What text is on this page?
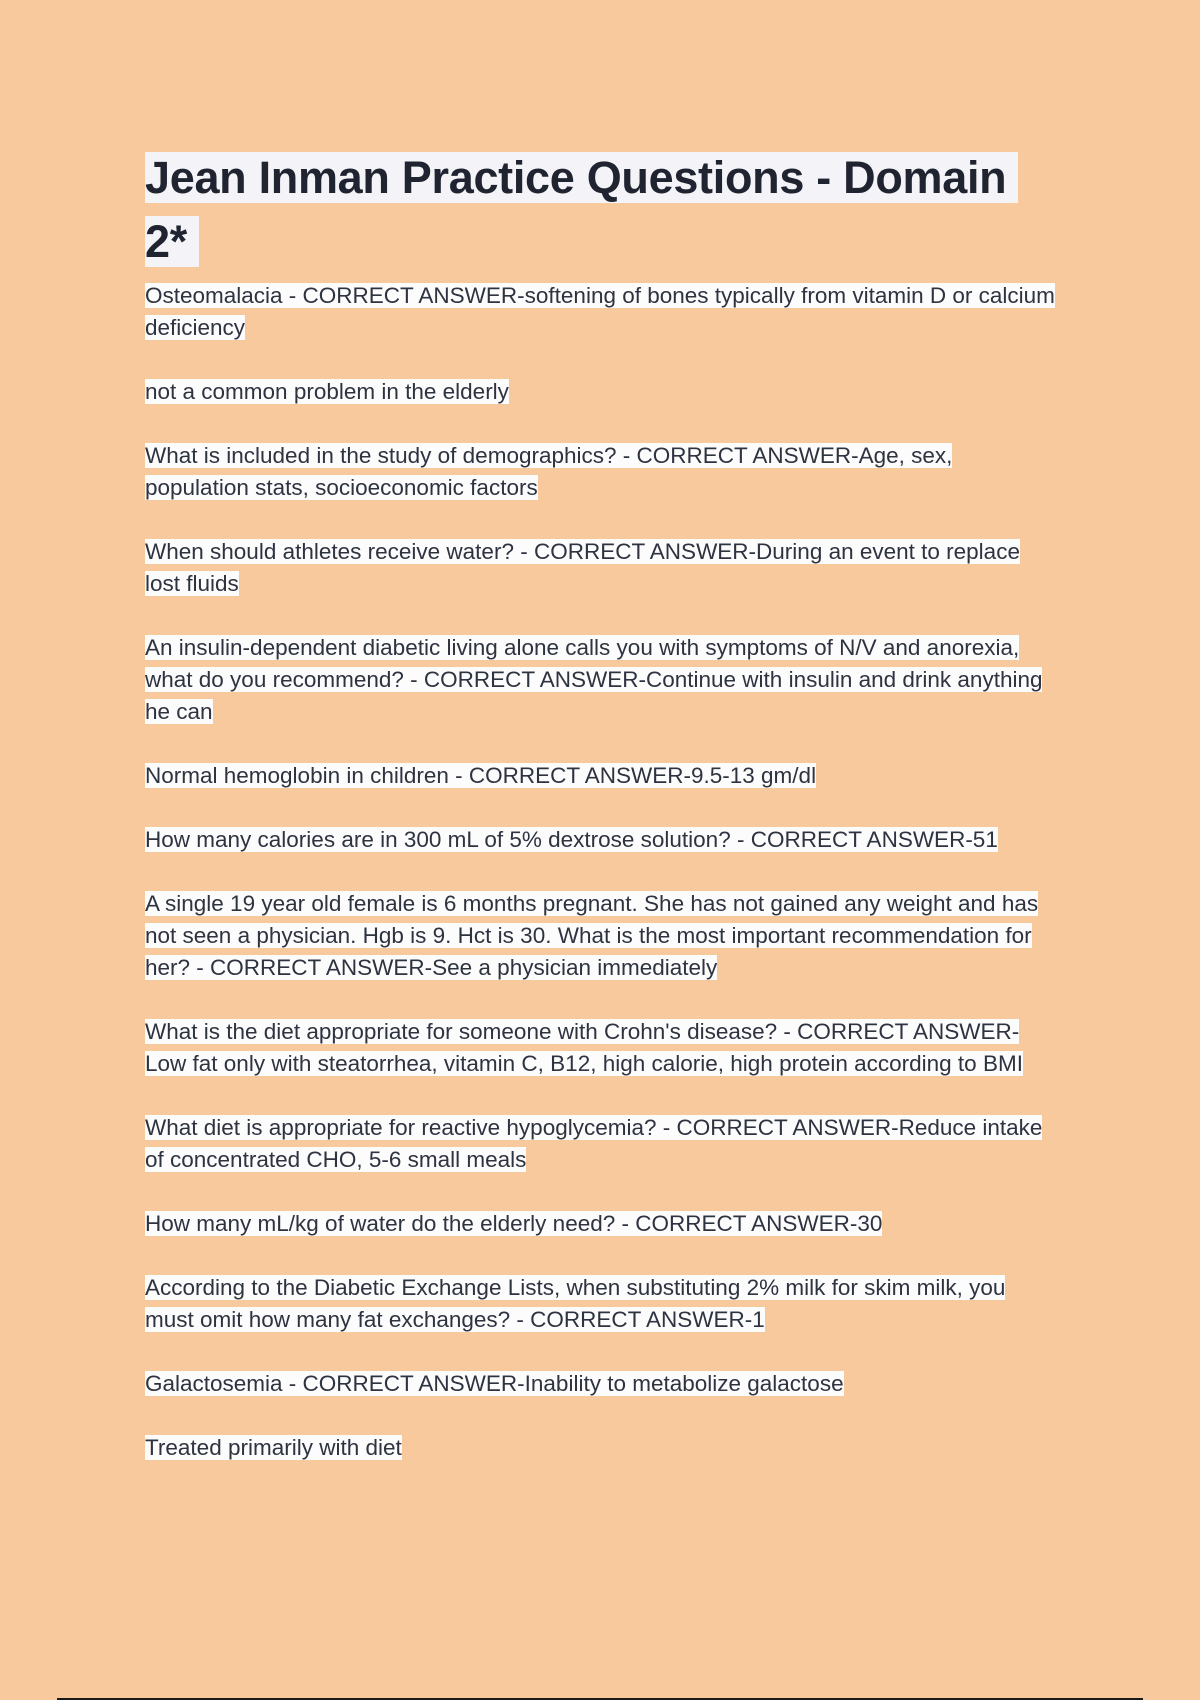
Jean Inman Practice Questions - Domain 2*
Osteomalacia - CORRECT ANSWER-softening of bones typically from vitamin D or calcium deficiency
not a common problem in the elderly
What is included in the study of demographics? - CORRECT ANSWER-Age, sex, population stats, socioeconomic factors
When should athletes receive water? - CORRECT ANSWER-During an event to replace lost fluids
An insulin-dependent diabetic living alone calls you with symptoms of N/V and anorexia, what do you recommend? - CORRECT ANSWER-Continue with insulin and drink anything he can
Normal hemoglobin in children - CORRECT ANSWER-9.5-13 gm/dl
How many calories are in 300 mL of 5% dextrose solution? - CORRECT ANSWER-51
A single 19 year old female is 6 months pregnant. She has not gained any weight and has not seen a physician. Hgb is 9. Hct is 30. What is the most important recommendation for her? - CORRECT ANSWER-See a physician immediately
What is the diet appropriate for someone with Crohn's disease? - CORRECT ANSWER-Low fat only with steatorrhea, vitamin C, B12, high calorie, high protein according to BMI
What diet is appropriate for reactive hypoglycemia? - CORRECT ANSWER-Reduce intake of concentrated CHO, 5-6 small meals
How many mL/kg of water do the elderly need? - CORRECT ANSWER-30
According to the Diabetic Exchange Lists, when substituting 2% milk for skim milk, you must omit how many fat exchanges? - CORRECT ANSWER-1
Galactosemia - CORRECT ANSWER-Inability to metabolize galactose
Treated primarily with diet
